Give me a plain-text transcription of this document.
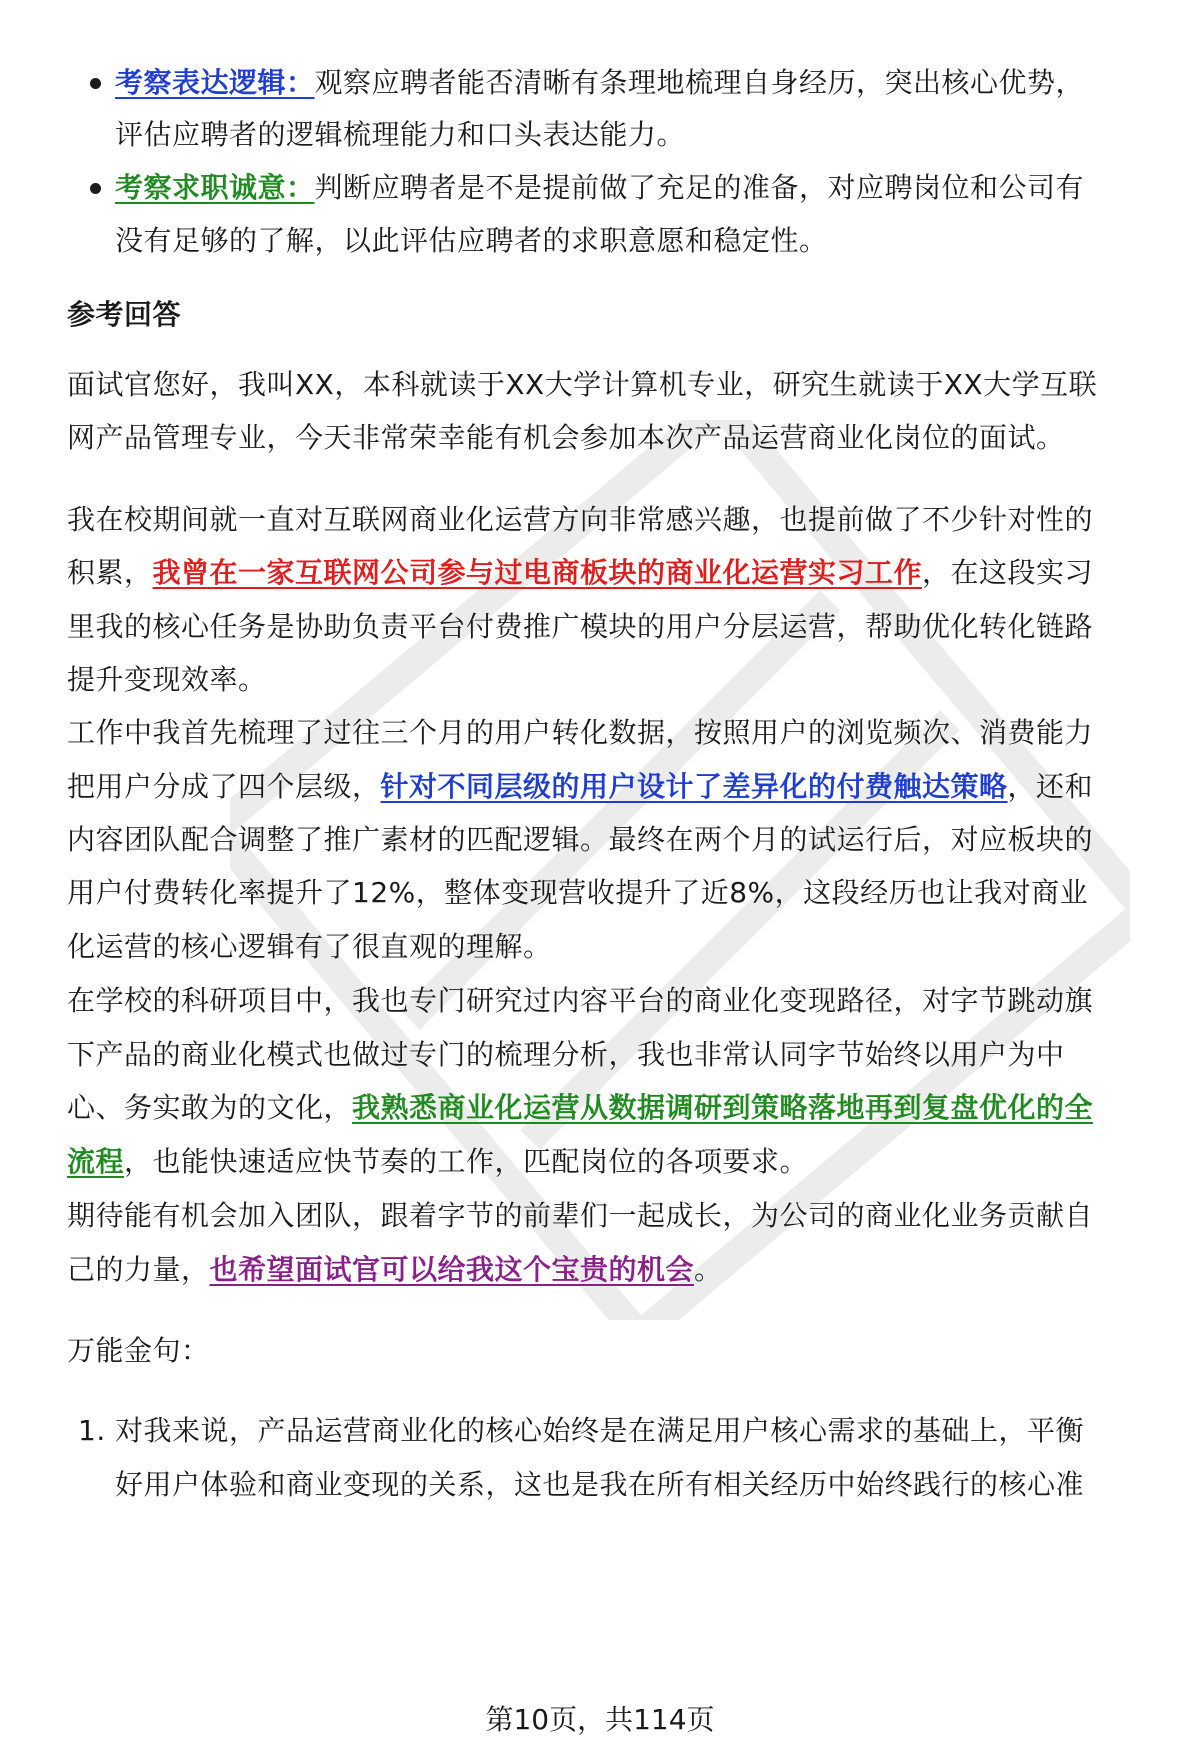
考察表达逻辑：观察应聘者能否清晰有条理地梳理自身经历，突出核心优势，
评估应聘者的逻辑梳理能力和口头表达能力。
考察求职诚意：判断应聘者是不是提前做了充足的准备，对应聘岗位和公司有
没有足够的了解，以此评估应聘者的求职意愿和稳定性。
参考回答
面试官您好，我叫XX，本科就读于XX大学计算机专业，研究生就读于XX大学互联
网产品管理专业，今天非常荣幸能有机会参加本次产品运营商业化岗位的面试。
我在校期间就一直对互联网商业化运营方向非常感兴趣，也提前做了不少针对性的
积累，我曾在一家互联网公司参与过电商板块的商业化运营实习工作，在这段实习
里我的核心任务是协助负责平台付费推广模块的用户分层运营，帮助优化转化链路
提升变现效率。
工作中我首先梳理了过往三个月的用户转化数据，按照用户的浏览频次、消费能力
把用户分成了四个层级，针对不同层级的用户设计了差异化的付费触达策略，还和
内容团队配合调整了推广素材的匹配逻辑。最终在两个月的试运行后，对应板块的
用户付费转化率提升了12%，整体变现营收提升了近8%，这段经历也让我对商业
化运营的核心逻辑有了很直观的理解。
在学校的科研项目中，我也专门研究过内容平台的商业化变现路径，对字节跳动旗
下产品的商业化模式也做过专门的梳理分析，我也非常认同字节始终以用户为中
心、务实敢为的文化，我熟悉商业化运营从数据调研到策略落地再到复盘优化的全
流程，也能快速适应快节奏的工作，匹配岗位的各项要求。
期待能有机会加入团队，跟着字节的前辈们一起成长，为公司的商业化业务贡献自
己的力量，也希望面试官可以给我这个宝贵的机会。
万能金句：
1. 对我来说，产品运营商业化的核心始终是在满足用户核心需求的基础上，平衡
好用户体验和商业变现的关系，这也是我在所有相关经历中始终践行的核心准
第10页，共114页
